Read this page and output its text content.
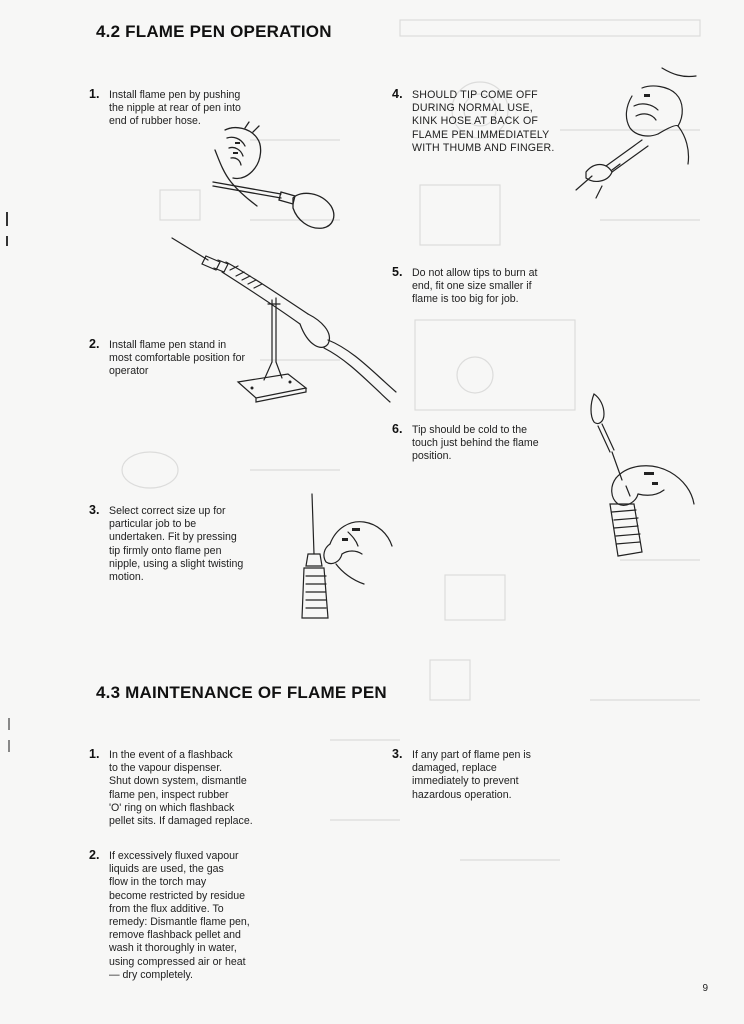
4.2 FLAME PEN OPERATION
1. Install flame pen by pushing
the nipple at rear of pen into
end of rubber hose.

2. Install flame pen stand in
most comfortable position for
operator

3. Select correct size up for
particular job to be
undertaken. Fit by pressing
tip firmly onto flame pen
nipple, using a slight twisting
motion.

4. SHOULD TIP COME OFF
DURING NORMAL USE,
KINK HOSE AT BACK OF
FLAME PEN IMMEDIATELY
WITH THUMB AND FINGER.

5. Do not allow tips to burn at
end, fit one size smaller if
flame is too big for job.

6. Tip should be cold to the
touch just behind the flame
position.

4.3 MAINTENANCE OF FLAME PEN
1. In the event of a flashback
to the vapour dispenser.
Shut down system, dismantle
flame pen, inspect rubber
'O' ring on which flashback
pellet sits. If damaged replace.

2. If excessively fluxed vapour
liquids are used, the gas
flow in the torch may
become restricted by residue
from the flux additive. To
remedy: Dismantle flame pen,
remove flashback pellet and
wash it thoroughly in water,
using compressed air or heat
— dry completely.

3. If any part of flame pen is
damaged, replace
immediately to prevent
hazardous operation.

9
